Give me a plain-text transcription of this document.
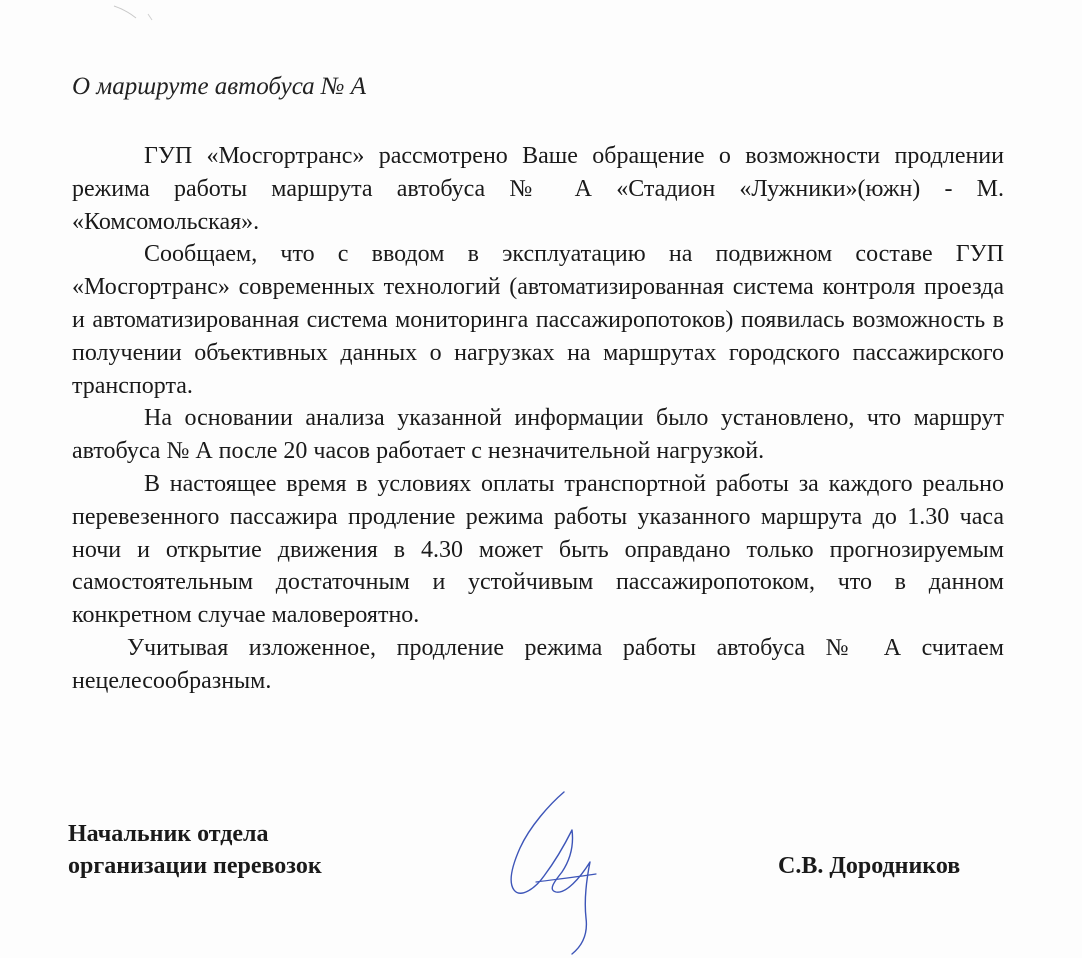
О маршруте автобуса № А

ГУП «Мосгортранс» рассмотрено Ваше обращение о возможности продлении режима работы маршрута автобуса № А «Стадион «Лужники»(южн) - М. «Комсомольская».

Сообщаем, что с вводом в эксплуатацию на подвижном составе ГУП «Мосгортранс» современных технологий (автоматизированная система контроля проезда и автоматизированная система мониторинга пассажиропотоков) появилась возможность в получении объективных данных о нагрузках на маршрутах городского пассажирского транспорта.

На основании анализа указанной информации было установлено, что маршрут автобуса № А после 20 часов работает с незначительной нагрузкой.

В настоящее время в условиях оплаты транспортной работы за каждого реально перевезенного пассажира продление режима работы указанного маршрута до 1.30 часа ночи и открытие движения в 4.30 может быть оправдано только прогнозируемым самостоятельным достаточным и устойчивым пассажиропотоком, что в данном конкретном случае маловероятно.

Учитывая изложенное, продление режима работы автобуса № А считаем нецелесообразным.

Начальник отдела
организации перевозок	С.В. Дородников
